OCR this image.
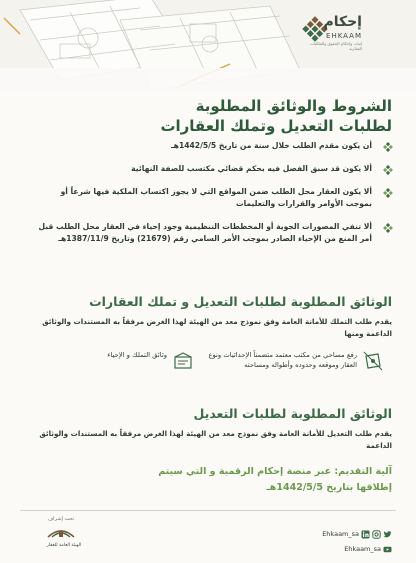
إحكام
EHKAAM
إثبات وإحكام الحقوق والملكيات العقارية
الشروط والوثائق المطلوبة
لطلبات التعديل وتملك العقارات
أن يكون مقدم الطلب خلال سنة من تاريخ 1442/5/5هـ
ألا يكون قد سبق الفصل فيه بحكم قضائي مكتسب للصفة النهائية
ألا يكون العقار محل الطلب ضمن المواقع التي لا يجوز اكتساب الملكية فيها شرعاً أو بموجب الأوامر والقرارات والتعليمات
ألا تنفي المصورات الجوية أو المخططات التنظيمية وجود إحياء في العقار محل الطلب قبل أمر المنع من الإحياء الصادر بموجب الأمر السامي رقم (21679) وتاريخ 1387/11/9هـ
الوثائق المطلوبة لطلبات التعديل و تملك العقارات
يقدم طلب التملك للأمانة العامة وفق نموذج معد من الهيئة لهذا الغرض مرفقاً به المستندات والوثائق الداعمة ومنها
وثائق التملك و الإحياء	رفع مساحي من مكتب معتمد متضمناً الإحداثيات ونوع العقار وموقعه وحدوده وأطواله ومساحته
الوثائق المطلوبة لطلبات التعديل
يقدم طلب التعديل للأمانة العامة وفق نموذج معد من الهيئة لهذا الغرض مرفقاً به المستندات والوثائق الداعمة
آلية التقديم: عبر منصة إحكام الرقمية و التي سيتم
إطلاقها بتاريخ 1442/5/5هـ
تحت إشراف
الهيئة العامة للعقار
Ehkaam_sa
Ehkaam_sa
